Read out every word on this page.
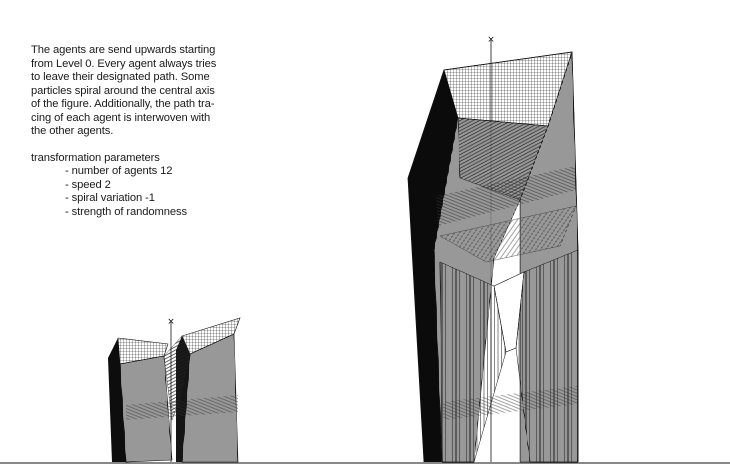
The agents are send upwards starting

from Level 0. Every agent always tries

to leave their designated path. Some

particles spiral around the central axis

of the figure. Additionally, the path tra-

cing of each agent is interwoven with

the other agents.

transformation parameters

- number of agents 12
- speed 2
- spiral variation -1
- strength of randomness
×
×
